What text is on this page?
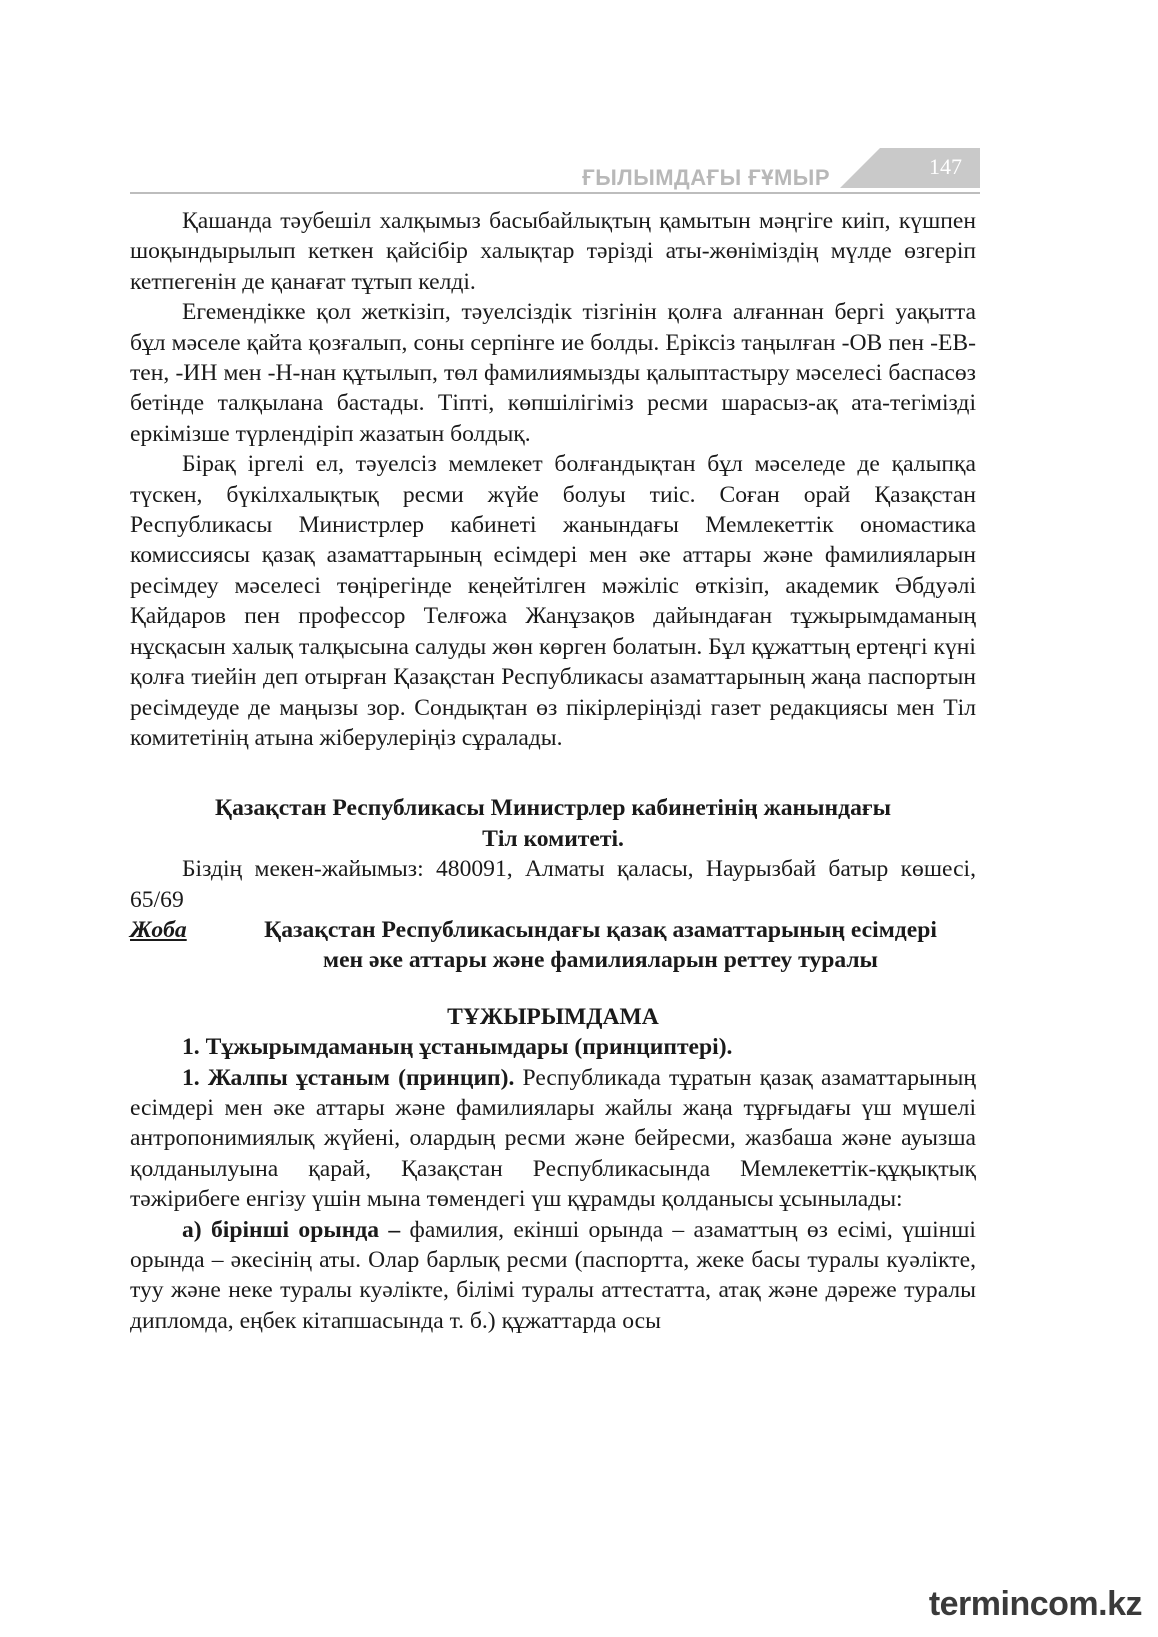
ҒЫЛЫМДАҒЫ ҒҰМЫР	147

Қашанда тәубешіл халқымыз басыбайлықтың қамытын мәңгіге киіп, күшпен шоқындырылып кеткен қайсібір халықтар тәрізді аты-жөніміздің мүлде өзгеріп кетпегенін де қанағат тұтып келді.

Егемендікке қол жеткізіп, тәуелсіздік тізгінін қолға алғаннан бергі уақытта бұл мәселе қайта қозғалып, соны серпінге ие болды. Еріксіз таңылған -ОВ пен -ЕВ-тен, -ИН мен -Н-нан құтылып, төл фамилиямызды қалыптастыру мәселесі баспасөз бетінде талқылана бастады. Тіпті, көпшілігіміз ресми шарасыз-ақ ата-тегімізді еркімізше түрлендіріп жазатын болдық.

Бірақ іргелі ел, тәуелсіз мемлекет болғандықтан бұл мәселеде де қалыпқа түскен, бүкілхалықтық ресми жүйе болуы тиіс. Соған орай Қазақстан Республикасы Министрлер кабинеті жанындағы Мемлекеттік ономастика комиссиясы қазақ азаматтарының есімдері мен әке аттары және фамилияларын ресімдеу мәселесі төңірегінде кеңейтілген мәжіліс өткізіп, академик Әбдуәлі Қайдаров пен профессор Телғожа Жанұзақов дайындаған тұжырымдаманың нұсқасын халық талқысына салуды жөн көрген болатын. Бұл құжаттың ертеңгі күні қолға тиейін деп отырған Қазақстан Республикасы азаматтарының жаңа паспортын ресімдеуде де маңызы зор. Сондықтан өз пікірлеріңізді газет редакциясы мен Тіл комитетінің атына жіберулеріңіз сұралады.

Қазақстан Республикасы Министрлер кабинетінің жанындағы

Тіл комитеті.

Біздің мекен-жайымыз: 480091, Алматы қаласы, Наурызбай батыр көшесі, 65/69

Жоба	Қазақстан Республикасындағы қазақ азаматтарының есімдері
мен әке аттары және фамилияларын реттеу туралы

ТҰЖЫРЫМДАМА

1. Тұжырымдаманың ұстанымдары (принциптері).

1. Жалпы ұстаным (принцип). Республикада тұратын қазақ азаматтарының есімдері мен әке аттары және фамилиялары жайлы жаңа тұрғыдағы үш мүшелі антропонимиялық жүйені, олардың ресми және бейресми, жазбаша және ауызша қолданылуына қарай, Қазақстан Республикасында Мемлекеттік-құқықтық тәжірибеге енгізу үшін мына төмендегі үш құрамды қолданысы ұсынылады:

а) бірінші орында – фамилия, екінші орында – азаматтың өз есімі, үшінші орында – әкесінің аты. Олар барлық ресми (паспортта, жеке басы туралы куәлікте, туу және неке туралы куәлікте, білімі туралы аттестатта, атақ және дәреже туралы дипломда, еңбек кітапшасында т. б.) құжаттарда осы

termincom.kz
